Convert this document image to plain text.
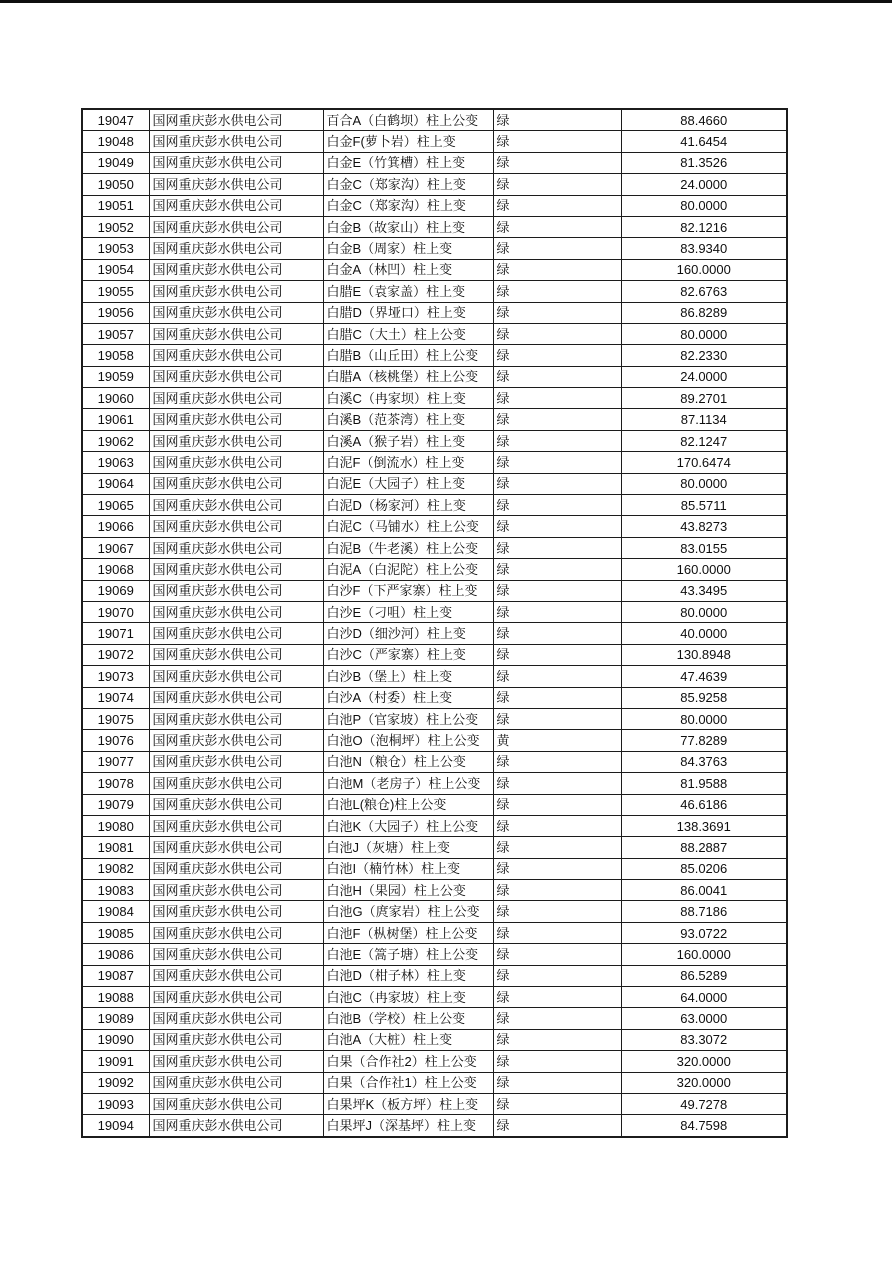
19047	国网重庆彭水供电公司	百合A（白鹤坝）柱上公变	绿	88.4660
19048	国网重庆彭水供电公司	白金F(萝卜岩）柱上变	绿	41.6454
19049	国网重庆彭水供电公司	白金E（竹箕槽）柱上变	绿	81.3526
19050	国网重庆彭水供电公司	白金C（郑家沟）柱上变	绿	24.0000
19051	国网重庆彭水供电公司	白金C（郑家沟）柱上变	绿	80.0000
19052	国网重庆彭水供电公司	白金B（故家山）柱上变	绿	82.1216
19053	国网重庆彭水供电公司	白金B（周家）柱上变	绿	83.9340
19054	国网重庆彭水供电公司	白金A（林凹）柱上变	绿	160.0000
19055	国网重庆彭水供电公司	白腊E（袁家盖）柱上变	绿	82.6763
19056	国网重庆彭水供电公司	白腊D（界垭口）柱上变	绿	86.8289
19057	国网重庆彭水供电公司	白腊C（大土）柱上公变	绿	80.0000
19058	国网重庆彭水供电公司	白腊B（山丘田）柱上公变	绿	82.2330
19059	国网重庆彭水供电公司	白腊A（核桃堡）柱上公变	绿	24.0000
19060	国网重庆彭水供电公司	白溪C（冉家坝）柱上变	绿	89.2701
19061	国网重庆彭水供电公司	白溪B（范茶湾）柱上变	绿	87.1134
19062	国网重庆彭水供电公司	白溪A（猴子岩）柱上变	绿	82.1247
19063	国网重庆彭水供电公司	白泥F（倒流水）柱上变	绿	170.6474
19064	国网重庆彭水供电公司	白泥E（大园子）柱上变	绿	80.0000
19065	国网重庆彭水供电公司	白泥D（杨家河）柱上变	绿	85.5711
19066	国网重庆彭水供电公司	白泥C（马铺水）柱上公变	绿	43.8273
19067	国网重庆彭水供电公司	白泥B（牛老溪）柱上公变	绿	83.0155
19068	国网重庆彭水供电公司	白泥A（白泥陀）柱上公变	绿	160.0000
19069	国网重庆彭水供电公司	白沙F（下严家寨）柱上变	绿	43.3495
19070	国网重庆彭水供电公司	白沙E（刁咀）柱上变	绿	80.0000
19071	国网重庆彭水供电公司	白沙D（细沙河）柱上变	绿	40.0000
19072	国网重庆彭水供电公司	白沙C（严家寨）柱上变	绿	130.8948
19073	国网重庆彭水供电公司	白沙B（堡上）柱上变	绿	47.4639
19074	国网重庆彭水供电公司	白沙A（村委）柱上变	绿	85.9258
19075	国网重庆彭水供电公司	白池P（官家坡）柱上公变	绿	80.0000
19076	国网重庆彭水供电公司	白池O（泡桐坪）柱上公变	黄	77.8289
19077	国网重庆彭水供电公司	白池N（粮仓）柱上公变	绿	84.3763
19078	国网重庆彭水供电公司	白池M（老房子）柱上公变	绿	81.9588
19079	国网重庆彭水供电公司	白池L(粮仓)柱上公变	绿	46.6186
19080	国网重庆彭水供电公司	白池K（大园子）柱上公变	绿	138.3691
19081	国网重庆彭水供电公司	白池J（灰塘）柱上变	绿	88.2887
19082	国网重庆彭水供电公司	白池I（楠竹林）柱上变	绿	85.0206
19083	国网重庆彭水供电公司	白池H（果园）柱上公变	绿	86.0041
19084	国网重庆彭水供电公司	白池G（庹家岩）柱上公变	绿	88.7186
19085	国网重庆彭水供电公司	白池F（枞树堡）柱上公变	绿	93.0722
19086	国网重庆彭水供电公司	白池E（篙子塘）柱上公变	绿	160.0000
19087	国网重庆彭水供电公司	白池D（柑子林）柱上变	绿	86.5289
19088	国网重庆彭水供电公司	白池C（冉家坡）柱上变	绿	64.0000
19089	国网重庆彭水供电公司	白池B（学校）柱上公变	绿	63.0000
19090	国网重庆彭水供电公司	白池A（大桩）柱上变	绿	83.3072
19091	国网重庆彭水供电公司	白果（合作社2）柱上公变	绿	320.0000
19092	国网重庆彭水供电公司	白果（合作社1）柱上公变	绿	320.0000
19093	国网重庆彭水供电公司	白果坪K（板方坪）柱上变	绿	49.7278
19094	国网重庆彭水供电公司	白果坪J（深基坪）柱上变	绿	84.7598
